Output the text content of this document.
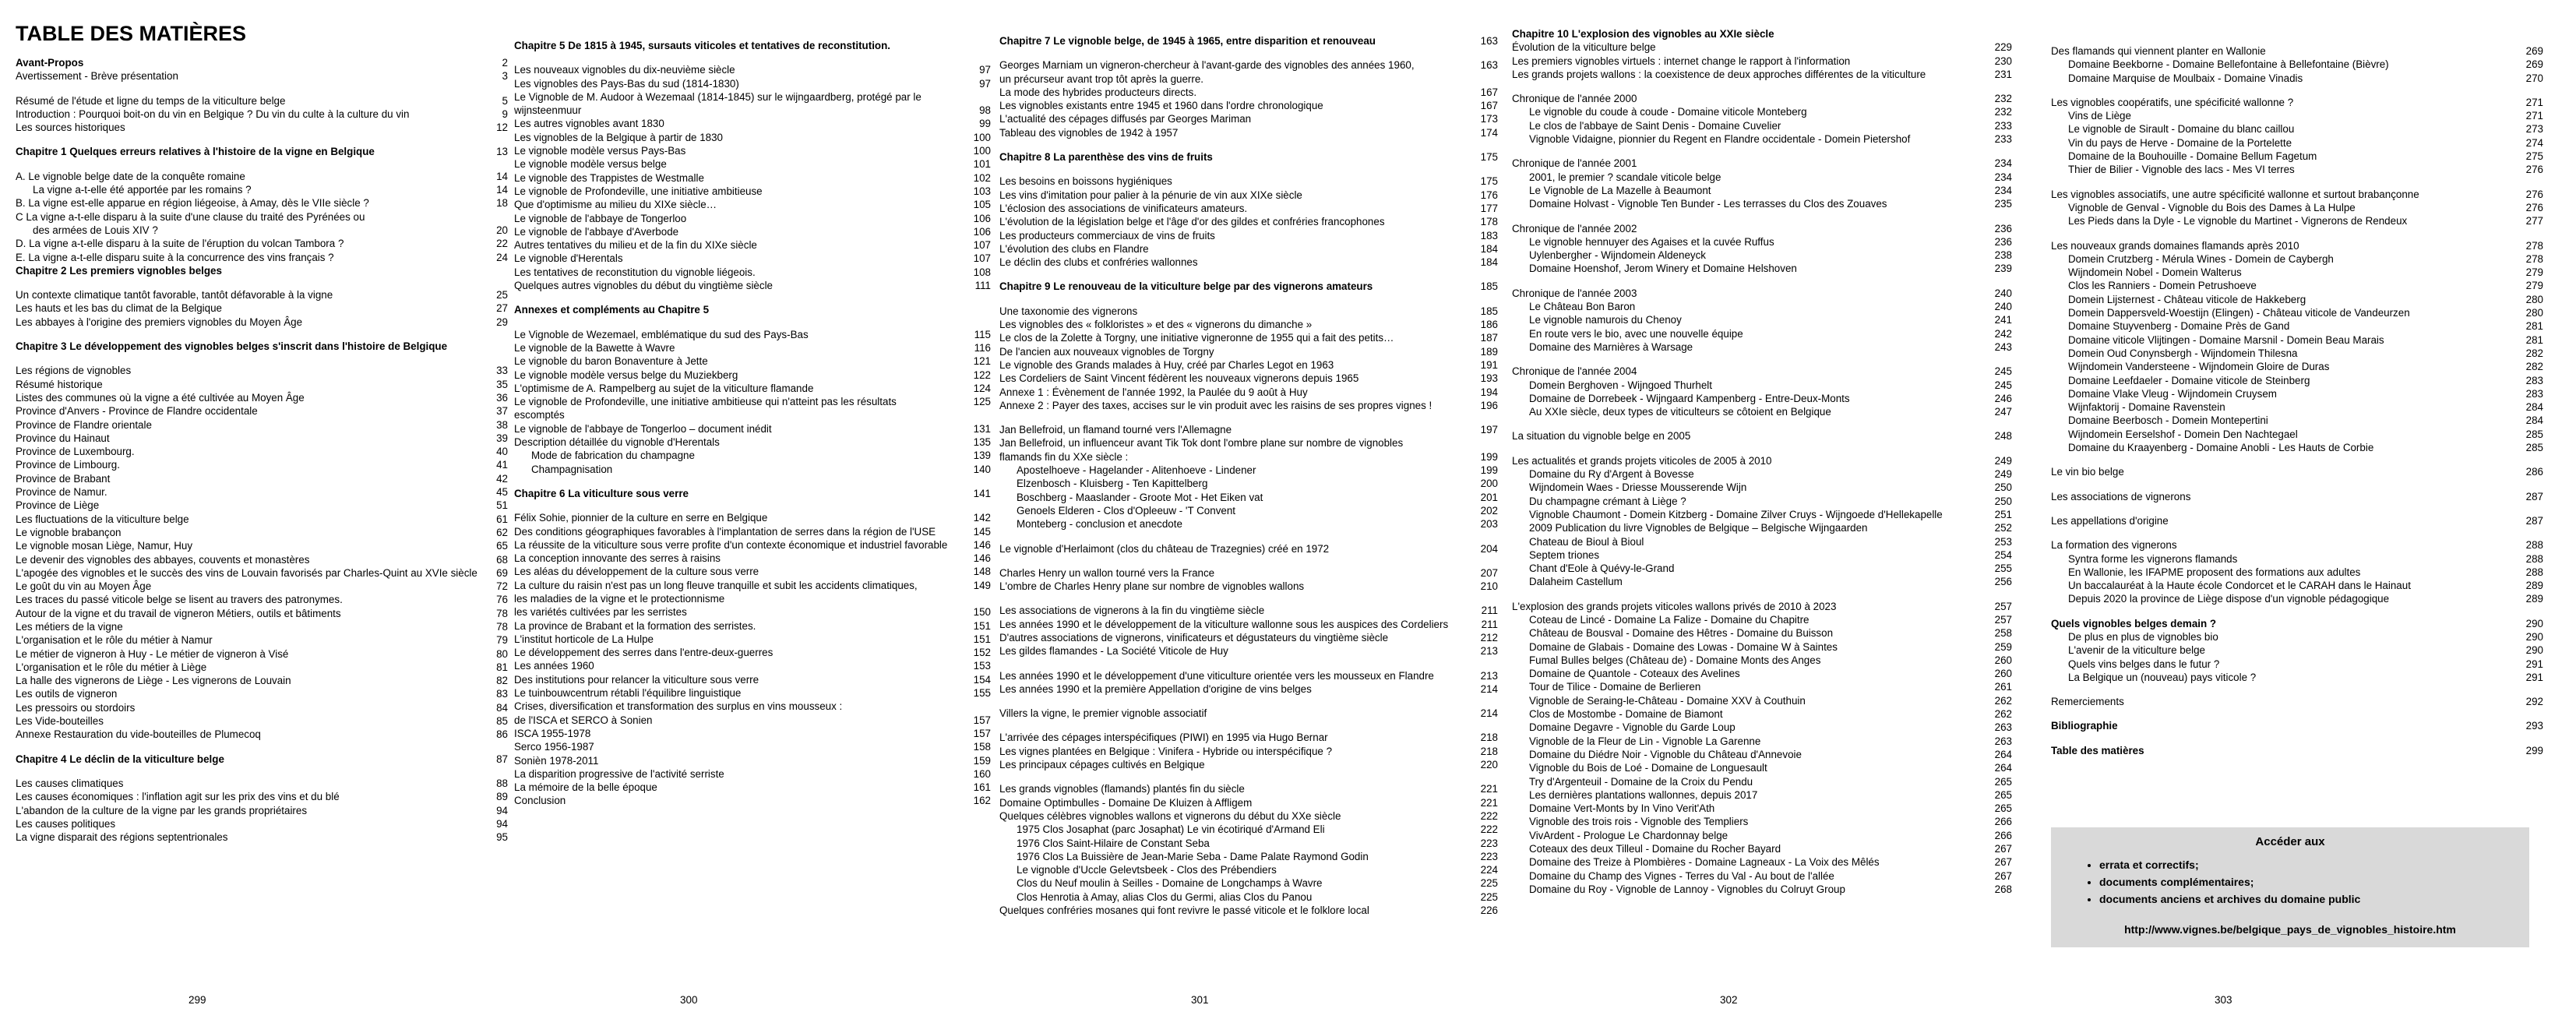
TABLE DES MATIÈRES
Avant-Propos	2
Avertissement - Brève présentation	3
Résumé de l'étude et ligne du temps de la viticulture belge	5
Introduction : Pourquoi boit-on du vin en Belgique ? Du vin du culte à la culture du vin	9
Les sources historiques	12
Chapitre 1 Quelques erreurs relatives à l'histoire de la vigne en Belgique	13
A. Le vignoble belge date de la conquête romaine	14
La vigne a-t-elle été apportée par les romains ?	14
B. La vigne est-elle apparue en région liégeoise, à Amay, dès le VIIe siècle ?	18
C La vigne a-t-elle disparu à la suite d'une clause du traité des Pyrénées ou
des armées de Louis XIV ?	20
D. La vigne a-t-elle disparu à la suite de l'éruption du volcan Tambora ?	22
E. La vigne a-t-elle disparu suite à la concurrence des vins français ?	24
Chapitre 2 Les premiers vignobles belges
Un contexte climatique tantôt favorable, tantôt défavorable à la vigne	25
Les hauts et les bas du climat de la Belgique	27
Les abbayes à l'origine des premiers vignobles du Moyen Âge	29
Chapitre 3 Le développement des vignobles belges s'inscrit dans l'histoire de Belgique
Les régions de vignobles	33
Résumé historique	35
Listes des communes où la vigne a été cultivée au Moyen Âge	36
Province d'Anvers - Province de Flandre occidentale	37
Province de Flandre orientale	38
Province du Hainaut	39
Province de Luxembourg.	40
Province de Limbourg.	41
Province de Brabant	42
Province de Namur.	45
Province de Liège	51
Les fluctuations de la viticulture belge	61
Le vignoble brabançon	62
Le vignoble mosan Liège, Namur, Huy	65
Le devenir des vignobles des abbayes, couvents et monastères	68
L'apogée des vignobles et le succès des vins de Louvain favorisés par Charles-Quint au XVIe siècle	69
Le goût du vin au Moyen Âge	72
Les traces du passé viticole belge se lisent au travers des patronymes.	76
Autour de la vigne et du travail de vigneron Métiers, outils et bâtiments	78
Les métiers de la vigne	78
L'organisation et le rôle du métier à Namur	79
Le métier de vigneron à Huy - Le métier de vigneron à Visé	80
L'organisation et le rôle du métier à Liège	81
La halle des vignerons de Liège - Les vignerons de Louvain	82
Les outils de vigneron	83
Les pressoirs ou stordoirs	84
Les Vide-bouteilles	85
Annexe Restauration du vide-bouteilles de Plumecoq	86
Chapitre 4 Le déclin de la viticulture belge	87
Les causes climatiques	88
Les causes économiques : l'inflation agit sur les prix des vins et du blé	89
L'abandon de la culture de la vigne par les grands propriétaires	94
Les causes politiques	94
La vigne disparait des régions septentrionales	95
Chapitre 5 De 1815 à 1945, sursauts viticoles et tentatives de reconstitution.
Les nouveaux vignobles du dix-neuvième siècle	97
Les vignobles des Pays-Bas du sud (1814-1830)	97
Le Vignoble de M. Audoor à Wezemaal (1814-1845) sur le wijngaardberg, protégé par le
wijnsteenmuur	98
Les autres vignobles avant 1830	99
Les vignobles de la Belgique à partir de 1830	100
Le vignoble modèle versus Pays-Bas	100
Le vignoble modèle versus belge	101
Le vignoble des Trappistes de Westmalle	102
Le vignoble de Profondeville, une initiative ambitieuse	103
Que d'optimisme au milieu du XIXe siècle…	105
Le vignoble de l'abbaye de Tongerloo	106
Le vignoble de l'abbaye d'Averbode	106
Autres tentatives du milieu et de la fin du XIXe siècle	107
Le vignoble d'Herentals	107
Les tentatives de reconstitution du vignoble liégeois.	108
Quelques autres vignobles du début du vingtième siècle	111
Annexes et compléments au Chapitre 5
Le Vignoble de Wezemael, emblématique du sud des Pays-Bas	115
Le vignoble de la Bawette à Wavre	116
Le vignoble du baron Bonaventure à Jette	121
Le vignoble modèle versus belge du Muziekberg	122
L'optimisme de A. Rampelberg au sujet de la viticulture flamande	124
Le vignoble de Profondeville, une initiative ambitieuse qui n'atteint pas les résultats	125
escomptés
Le vignoble de l'abbaye de Tongerloo – document inédit	131
Description détaillée du vignoble d'Herentals	135
Mode de fabrication du champagne	139
Champagnisation	140
Chapitre 6 La viticulture sous verre	141
Félix Sohie, pionnier de la culture en serre en Belgique	142
Des conditions géographiques favorables à l'implantation de serres dans la région de l'USE	145
La réussite de la viticulture sous verre profite d'un contexte économique et industriel favorable	146
La conception innovante des serres à raisins	146
Les aléas du développement de la culture sous verre	148
La culture du raisin n'est pas un long fleuve tranquille et subit les accidents climatiques,	149
les maladies de la vigne et le protectionnisme
les variétés cultivées par les serristes	150
La province de Brabant et la formation des serristes.	151
L'institut horticole de La Hulpe	151
Le développement des serres dans l'entre-deux-guerres	152
Les années 1960	153
Des institutions pour relancer la viticulture sous verre	154
Le tuinbouwcentrum rétabli l'équilibre linguistique	155
Crises, diversification et transformation des surplus en vins mousseux :
de l'ISCA et SERCO à Sonien	157
ISCA 1955-1978	157
Serco 1956-1987	158
Sonièn 1978-2011	159
La disparition progressive de l'activité serriste	160
La mémoire de la belle époque	161
Conclusion	162
Chapitre 7 Le vignoble belge, de 1945 à 1965, entre disparition et renouveau	163
Georges Marniam un vigneron-chercheur à l'avant-garde des vignobles des années 1960,	163
un précurseur avant trop tôt après la guerre.
La mode des hybrides producteurs directs.	167
Les vignobles existants entre 1945 et 1960 dans l'ordre chronologique	167
L'actualité des cépages diffusés par Georges Mariman	173
Tableau des vignobles de 1942 à 1957	174
Chapitre 8 La parenthèse des vins de fruits	175
Les besoins en boissons hygiéniques	175
Les vins d'imitation pour palier à la pénurie de vin aux XIXe siècle	176
L'éclosion des associations de vinificateurs amateurs.	177
L'évolution de la législation belge et l'âge d'or des gildes et confréries francophones	178
Les producteurs commerciaux de vins de fruits	183
L'évolution des clubs en Flandre	184
Le déclin des clubs et confréries wallonnes	184
Chapitre 9 Le renouveau de la viticulture belge par des vignerons amateurs	185
Une taxonomie des vignerons	185
Les vignobles des « folkloristes » et des « vignerons du dimanche »	186
Le clos de la Zolette à Torgny, une initiative vigneronne de 1955 qui a fait des petits…	187
De l'ancien aux nouveaux vignobles de Torgny	189
Le vignoble des Grands malades à Huy, créé par Charles Legot en 1963	191
Les Cordeliers de Saint Vincent fédèrent les nouveaux vignerons depuis 1965	193
Annexe 1 : Évènement de l'année 1992, la Paulée du 9 août à Huy	194
Annexe 2 : Payer des taxes, accises sur le vin produit avec les raisins de ses propres vignes !	196
Jan Bellefroid, un flamand tourné vers l'Allemagne	197
Jan Bellefroid, un influenceur avant Tik Tok dont l'ombre plane sur nombre de vignobles
flamands fin du XXe siècle :	199
Apostelhoeve - Hagelander - Alitenhoeve - Lindener	199
Elzenbosch - Kluisberg - Ten Kapittelberg	200
Boschberg - Maaslander - Groote Mot - Het Eiken vat	201
Genoels Elderen - Clos d'Opleeuw - 'T Convent	202
Monteberg - conclusion et anecdote	203
Le vignoble d'Herlaimont (clos du château de Trazegnies) créé en 1972	204
Charles Henry un wallon tourné vers la France	207
L'ombre de Charles Henry plane sur nombre de vignobles wallons	210
Les associations de vignerons à la fin du vingtième siècle	211
Les années 1990 et le développement de la viticulture wallonne sous les auspices des Cordeliers	211
D'autres associations de vignerons, vinificateurs et dégustateurs du vingtième siècle	212
Les gildes flamandes - La Société Viticole de Huy	213
Les années 1990 et le développement d'une viticulture orientée vers les mousseux en Flandre	213
Les années 1990 et la première Appellation d'origine de vins belges	214
Villers la vigne, le premier vignoble associatif	214
L'arrivée des cépages interspécifiques (PIWI) en 1995 via Hugo Bernar	218
Les vignes plantées en Belgique : Vinifera - Hybride ou interspécifique ?	218
Les principaux cépages cultivés en Belgique	220
Les grands vignobles (flamands) plantés fin du siècle	221
Domaine Optimbulles - Domaine De Kluizen à Affligem	221
Quelques célèbres vignobles wallons et vignerons du début du XXe siècle	222
1975 Clos Josaphat (parc Josaphat) Le vin écotiriqué d'Armand Eli	222
1976 Clos Saint-Hilaire de Constant Seba	223
1976 Clos La Buissière de Jean-Marie Seba - Dame Palate Raymond Godin	223
Le vignoble d'Uccle Gelevtsbeek - Clos des Prébendiers	224
Clos du Neuf moulin à Seilles - Domaine de Longchamps à Wavre	225
Clos Henrotia à Amay, alias Clos du Germi, alias Clos du Panou	225
Quelques confréries mosanes qui font revivre le passé viticole et le folklore local	226
Chapitre 10 L'explosion des vignobles au XXIe siècle
Évolution de la viticulture belge	229
Les premiers vignobles virtuels : internet change le rapport à l'information	230
Les grands projets wallons : la coexistence de deux approches différentes de la viticulture	231
Chronique de l'année 2000	232
Le vignoble du coude à coude - Domaine viticole Monteberg	232
Le clos de l'abbaye de Saint Denis - Domaine Cuvelier	233
Vignoble Vidaigne, pionnier du Regent en Flandre occidentale - Domein Pietershof	233
Chronique de l'année 2001	234
2001, le premier ? scandale viticole belge	234
Le Vignoble de La Mazelle à Beaumont	234
Domaine Holvast - Vignoble Ten Bunder - Les terrasses du Clos des Zouaves	235
Chronique de l'année 2002	236
Le vignoble hennuyer des Agaises et la cuvée Ruffus	236
Uylenbergher - Wijndomein Aldeneyck	238
Domaine Hoenshof, Jerom Winery et Domaine Helshoven	239
Chronique de l'année 2003	240
Le Château Bon Baron	240
Le vignoble namurois du Chenoy	241
En route vers le bio, avec une nouvelle équipe	242
Domaine des Marnières à Warsage	243
Chronique de l'année 2004	245
Domein Berghoven - Wijngoed Thurhelt	245
Domaine de Dorrebeek - Wijngaard Kampenberg - Entre-Deux-Monts	246
Au XXIe siècle, deux types de viticulteurs se côtoient en Belgique	247
La situation du vignoble belge en 2005	248
Les actualités et grands projets viticoles de 2005 à 2010	249
Domaine du Ry d'Argent à Bovesse	249
Wijndomein Waes - Driesse Mousserende Wijn	250
Du champagne crémant à Liège ?	250
Vignoble Chaumont - Domein Kitzberg - Domaine Zilver Cruys - Wijngoede d'Hellekapelle	251
2009 Publication du livre Vignobles de Belgique – Belgische Wijngaarden	252
Chateau de Bioul à Bioul	253
Septem triones	254
Chant d'Eole à Quévy-le-Grand	255
Dalaheim Castellum	256
L'explosion des grands projets viticoles wallons privés de 2010 à 2023	257
Coteau de Lincé - Domaine La Falize - Domaine du Chapitre	257
Château de Bousval - Domaine des Hêtres - Domaine du Buisson	258
Domaine de Glabais - Domaine des Lowas - Domaine W à Saintes	259
Fumal Bulles belges (Château de) - Domaine Monts des Anges	260
Domaine de Quantole - Coteaux des Avelines	260
Tour de Tilice - Domaine de Berlieren	261
Vignoble de Seraing-le-Château - Domaine XXV à Couthuin	262
Clos de Mostombe - Domaine de Biamont	262
Domaine Degavre - Vignoble du Garde Loup	263
Vignoble de la Fleur de Lin - Vignoble La Garenne	263
Domaine du Diédre Noir - Vignoble du Château d'Annevoie	264
Vignoble du Bois de Loé - Domaine de Longuesault	264
Try d'Argenteuil - Domaine de la Croix du Pendu	265
Les dernières plantations wallonnes, depuis 2017	265
Domaine Vert-Monts by In Vino Verit'Ath	265
Vignoble des trois rois - Vignoble des Templiers	266
VivArdent - Prologue Le Chardonnay belge	266
Coteaux des deux Tilleul - Domaine du Rocher Bayard	267
Domaine des Treize à Plombières - Domaine Lagneaux - La Voix des Mêlés	267
Domaine du Champ des Vignes - Terres du Val - Au bout de l'allée	267
Domaine du Roy - Vignoble de Lannoy - Vignobles du Colruyt Group	268
Des flamands qui viennent planter en Wallonie	269
Domaine Beekborne - Domaine Bellefontaine à Bellefontaine (Bièvre)	269
Domaine Marquise de Moulbaix - Domaine Vinadis	270
Les vignobles coopératifs, une spécificité wallonne ?	271
Vins de Liège	271
Le vignoble de Sirault - Domaine du blanc caillou	273
Vin du pays de Herve - Domaine de la Portelette	274
Domaine de la Bouhouille - Domaine Bellum Fagetum	275
Thier de Bilier - Vignoble des lacs - Mes VI terres	276
Les vignobles associatifs, une autre spécificité wallonne et surtout brabançonne	276
Vignoble de Genval - Vignoble du Bois des Dames à La Hulpe	276
Les Pieds dans la Dyle - Le vignoble du Martinet - Vignerons de Rendeux	277
Les nouveaux grands domaines flamands après 2010	278
Domein Crutzberg - Mérula Wines - Domein de Caybergh	278
Wijndomein Nobel - Domein Walterus	279
Clos les Ranniers - Domein Petrushoeve	279
Domein Lijsternest - Château viticole de Hakkeberg	280
Domein Dappersveld-Woestijn (Elingen) - Château viticole de Vandeurzen	280
Domaine Stuyvenberg - Domaine Près de Gand	281
Domaine viticole Vlijtingen - Domaine Marsnil - Domein Beau Marais	281
Domein Oud Conynsbergh - Wijndomein Thilesna	282
Wijndomein Vandersteene - Wijndomein Gloire de Duras	282
Domaine Leefdaeler - Domaine viticole de Steinberg	283
Domaine Vlake Vleug - Wijndomein Cruysem	283
Wijnfaktorij - Domaine Ravenstein	284
Domaine Beerbosch - Domein Montepertini	284
Wijndomein Eerselshof - Domein Den Nachtegael	285
Domaine du Kraayenberg - Domaine Anobli - Les Hauts de Corbie	285
Le vin bio belge	286
Les associations de vignerons	287
Les appellations d'origine	287
La formation des vignerons	288
Syntra forme les vignerons flamands	288
En Wallonie, les IFAPME proposent des formations aux adultes	288
Un baccalauréat à la Haute école Condorcet et le CARAH dans le Hainaut	289
Depuis 2020 la province de Liège dispose d'un vignoble pédagogique	289
Quels vignobles belges demain ?	290
De plus en plus de vignobles bio	290
L'avenir de la viticulture belge	290
Quels vins belges dans le futur ?	291
La Belgique un (nouveau) pays viticole ?	291
Remerciements	292
Bibliographie	293
Table des matières	299
Accéder aux
• errata et correctifs;
• documents complémentaires;
• documents anciens et archives du domaine public
http://www.vignes.be/belgique_pays_de_vignobles_histoire.htm
299	300	301	302	303
